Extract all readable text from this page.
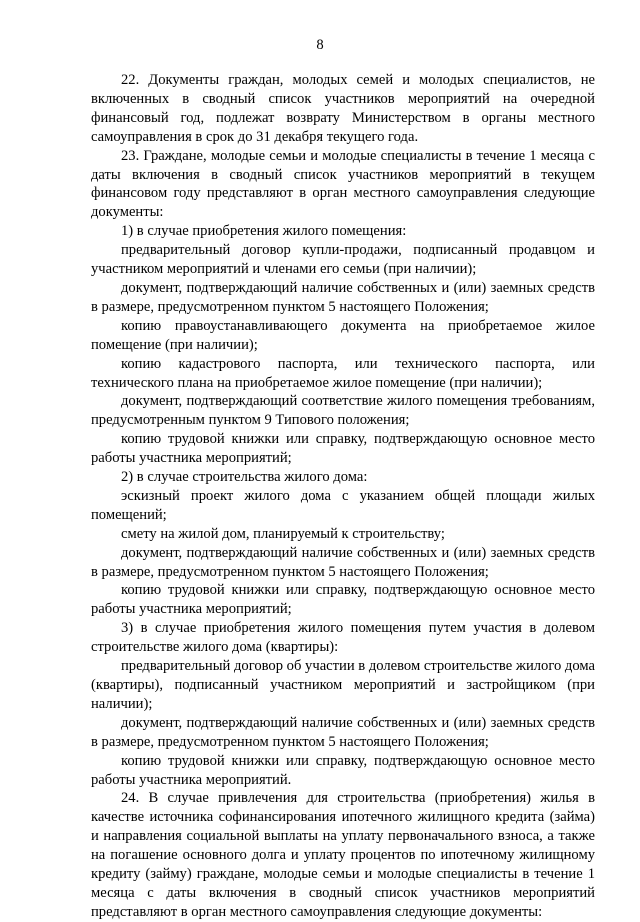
8

22. Документы граждан, молодых семей и молодых специалистов, не включенных в сводный список участников мероприятий на очередной финансовый год, подлежат возврату Министерством в органы местного самоуправления в срок до 31 декабря текущего года.

23. Граждане, молодые семьи и молодые специалисты в течение 1 месяца с даты включения в сводный список участников мероприятий в текущем финансовом году представляют в орган местного самоуправления следующие документы:

1) в случае приобретения жилого помещения:

предварительный договор купли-продажи, подписанный продавцом и участником мероприятий и членами его семьи (при наличии);

документ, подтверждающий наличие собственных и (или) заемных средств в размере, предусмотренном пунктом 5 настоящего Положения;

копию правоустанавливающего документа на приобретаемое жилое помещение (при наличии);

копию кадастрового паспорта, или технического паспорта, или технического плана на приобретаемое жилое помещение (при наличии);

документ, подтверждающий соответствие жилого помещения требованиям, предусмотренным пунктом 9 Типового положения;

копию трудовой книжки или справку, подтверждающую основное место работы участника мероприятий;

2) в случае строительства жилого дома:

эскизный проект жилого дома с указанием общей площади жилых помещений;

смету на жилой дом, планируемый к строительству;

документ, подтверждающий наличие собственных и (или) заемных средств в размере, предусмотренном пунктом 5 настоящего Положения;

копию трудовой книжки или справку, подтверждающую основное место работы участника мероприятий;

3) в случае приобретения жилого помещения путем участия в долевом строительстве жилого дома (квартиры):

предварительный договор об участии в долевом строительстве жилого дома (квартиры), подписанный участником мероприятий и застройщиком (при наличии);

документ, подтверждающий наличие собственных и (или) заемных средств в размере, предусмотренном пунктом 5 настоящего Положения;

копию трудовой книжки или справку, подтверждающую основное место работы участника мероприятий.

24. В случае привлечения для строительства (приобретения) жилья в качестве источника софинансирования ипотечного жилищного кредита (займа) и направления социальной выплаты на уплату первоначального взноса, а также на погашение основного долга и уплату процентов по ипотечному жилищному кредиту (займу) граждане, молодые семьи и молодые специалисты в течение 1 месяца с даты включения в сводный список участников мероприятий представляют в орган местного самоуправления следующие документы:
